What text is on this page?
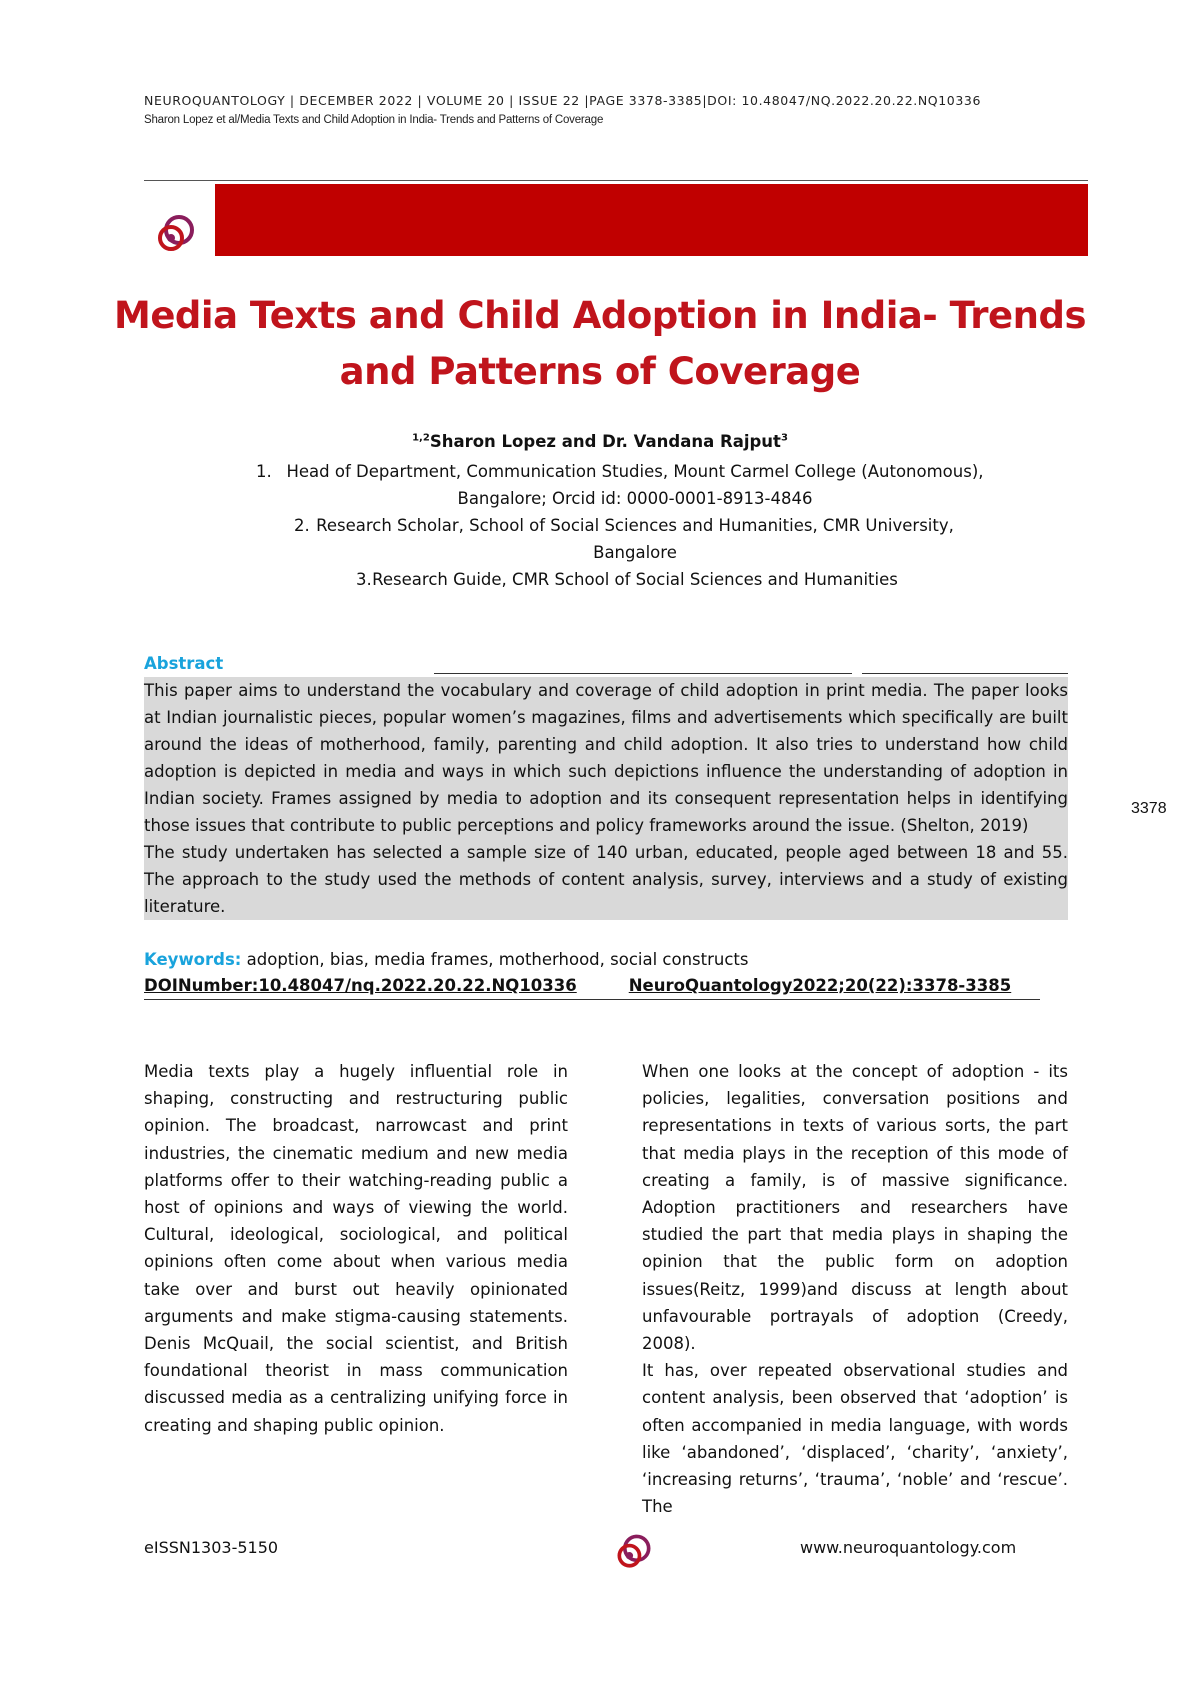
NEUROQUANTOLOGY | DECEMBER 2022 | VOLUME 20 | ISSUE 22 |PAGE 3378-3385|DOI: 10.48047/NQ.2022.20.22.NQ10336
Sharon Lopez et al/Media Texts and Child Adoption in India- Trends and Patterns of Coverage
Media Texts and Child Adoption in India- Trends
and Patterns of Coverage
$^{1,2}$Sharon Lopez and Dr. Vandana Rajput$^3$
1. Head of Department, Communication Studies, Mount Carmel College (Autonomous),
Bangalore; Orcid id: 0000-0001-8913-4846
2. Research Scholar, School of Social Sciences and Humanities, CMR University,
Bangalore
3. Research Guide, CMR School of Social Sciences and Humanities
Abstract
This paper aims to understand the vocabulary and coverage of child adoption in print media. The paper looks at Indian journalistic pieces, popular women’s magazines, films and advertisements which specifically are built around the ideas of motherhood, family, parenting and child adoption. It also tries to understand how child adoption is depicted in media and ways in which such depictions influence the understanding of adoption in Indian society. Frames assigned by media to adoption and its consequent representation helps in identifying those issues that contribute to public perceptions and policy frameworks around the issue. (Shelton, 2019)
The study undertaken has selected a sample size of 140 urban, educated, people aged between 18 and 55. The approach to the study used the methods of content analysis, survey, interviews and a study of existing literature.
3378
Keywords: adoption, bias, media frames, motherhood, social constructs
DOINumber:10.48047/nq.2022.20.22.NQ10336	NeuroQuantology2022;20(22):3378-3385

Media texts play a hugely influential role in shaping, constructing and restructuring public opinion. The broadcast, narrowcast and print industries, the cinematic medium and new media platforms offer to their watching-reading public a host of opinions and ways of viewing the world. Cultural, ideological, sociological, and political opinions often come about when various media take over and burst out heavily opinionated arguments and make stigma-causing statements. Denis McQuail, the social scientist, and British foundational theorist in mass communication discussed media as a centralizing unifying force in creating and shaping public opinion.

When one looks at the concept of adoption - its policies, legalities, conversation positions and representations in texts of various sorts, the part that media plays in the reception of this mode of creating a family, is of massive significance. Adoption practitioners and researchers have studied the part that media plays in shaping the opinion that the public form on adoption issues(Reitz, 1999)and discuss at length about unfavourable portrayals of adoption (Creedy, 2008).

It has, over repeated observational studies and content analysis, been observed that ‘adoption’ is often accompanied in media language, with words like ‘abandoned’, ‘displaced’, ‘charity’, ‘anxiety’, ‘increasing returns’, ‘trauma’, ‘noble’ and ‘rescue’. The

eISSN1303-5150	www.neuroquantology.com
